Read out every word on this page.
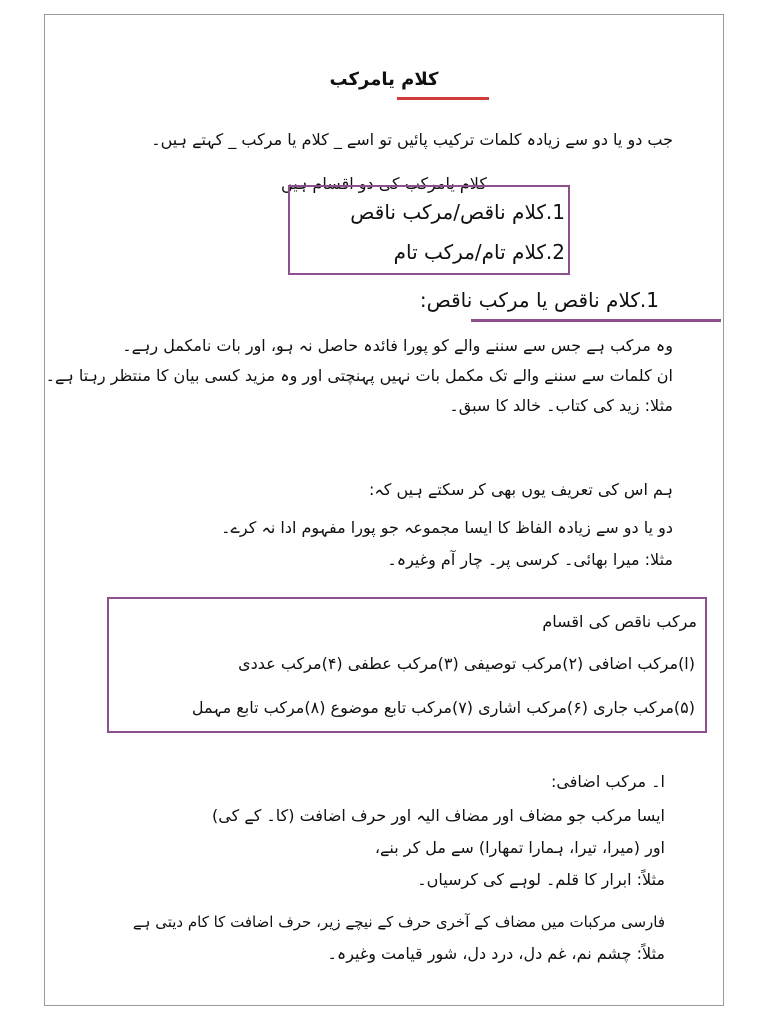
کلام یامرکب
جب دو یا دو سے زیادہ کلمات ترکیب پائیں تو اسے _ کلام یا مرکب _ کہتے ہیں۔
کلام یامرکب کی دو اقسام ہیں
1.کلام ناقص/مرکب ناقص
2.کلام تام/مرکب تام
1.کلام ناقص یا مرکب ناقص:
وہ مرکب ہے جس سے سننے والے کو پورا فائدہ حاصل نہ ہو، اور بات نامکمل رہے۔
ان کلمات سے سننے والے تک مکمل بات نہیں پہنچتی اور وہ مزید کسی بیان کا منتظر رہتا ہے۔
مثلا: زید کی کتاب۔ خالد کا سبق۔
ہم اس کی تعریف یوں بھی کر سکتے ہیں کہ:
دو یا دو سے زیادہ الفاظ کا ایسا مجموعہ جو پورا مفہوم ادا نہ کرے۔
مثلا: میرا بھائی۔ کرسی پر۔ چار آم وغیرہ۔
مرکب ناقص کی اقسام
(ا)مرکب اضافی (۲)مرکب توصیفی (۳)مرکب عطفی (۴)مرکب عددی
(۵)مرکب جاری (۶)مرکب اشاری (۷)مرکب تابع موضوع (۸)مرکب تابع مہمل
ا۔ مرکب اضافی:
ایسا مرکب جو مضاف اور مضاف الیہ اور حرف اضافت (کا۔ کے کی)
اور (میرا، تیرا، ہمارا تمھارا) سے مل کر بنے،
مثلاً: ابرار کا قلم۔ لوہے کی کرسیاں۔
فارسی مرکبات میں مضاف کے آخری حرف کے نیچے زیر، حرف اضافت کا کام دیتی ہے
مثلاً: چشم نم، غم دل، درد دل، شور قیامت وغیرہ۔
